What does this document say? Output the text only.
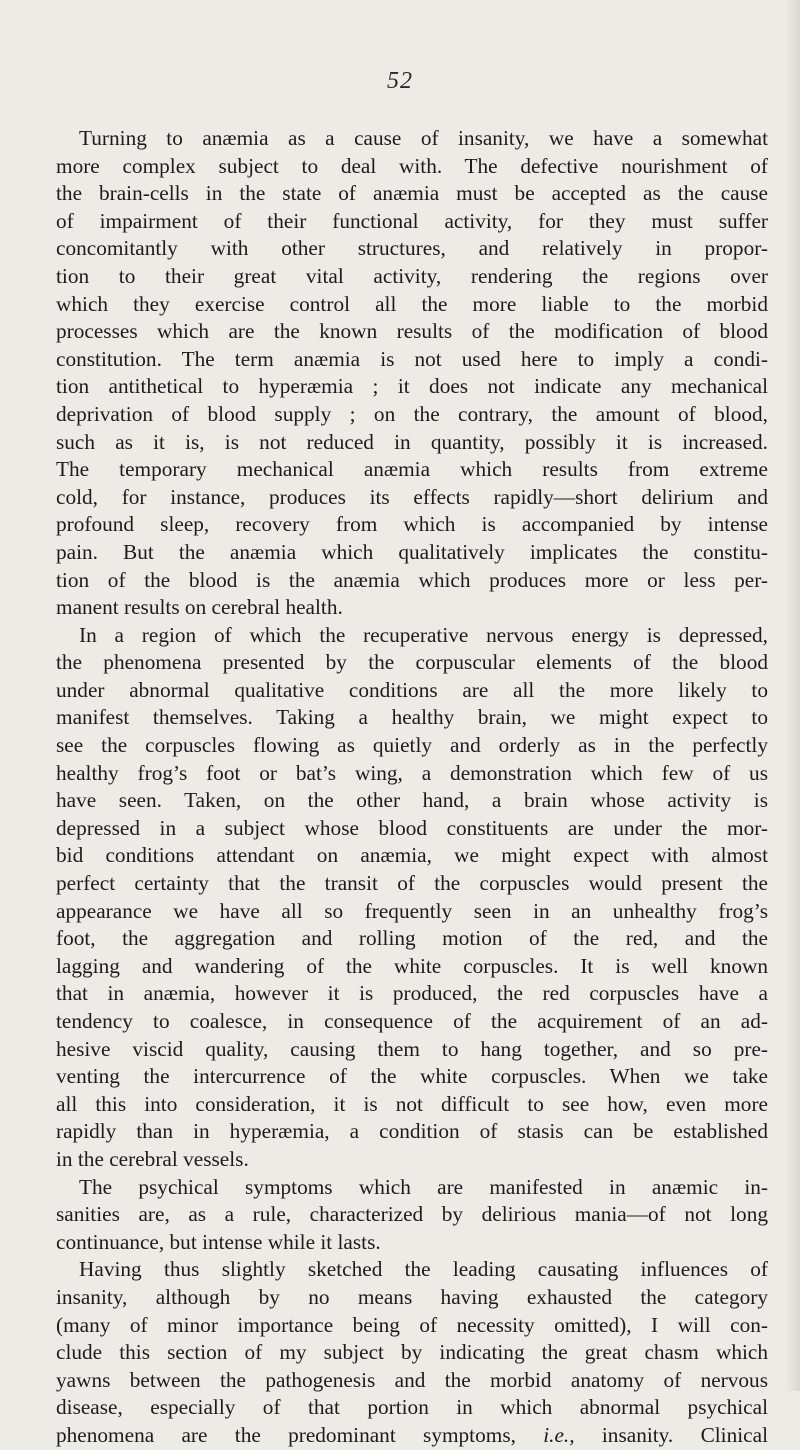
52
Turning to anæmia as a cause of insanity, we have a somewhat
more complex subject to deal with. The defective nourishment of
the brain-cells in the state of anæmia must be accepted as the cause
of impairment of their functional activity, for they must suffer
concomitantly with other structures, and relatively in propor-
tion to their great vital activity, rendering the regions over
which they exercise control all the more liable to the morbid
processes which are the known results of the modification of blood
constitution. The term anæmia is not used here to imply a condi-
tion antithetical to hyperæmia ; it does not indicate any mechanical
deprivation of blood supply ; on the contrary, the amount of blood,
such as it is, is not reduced in quantity, possibly it is increased.
The temporary mechanical anæmia which results from extreme
cold, for instance, produces its effects rapidly—short delirium and
profound sleep, recovery from which is accompanied by intense
pain. But the anæmia which qualitatively implicates the constitu-
tion of the blood is the anæmia which produces more or less per-
manent results on cerebral health.
In a region of which the recuperative nervous energy is depressed,
the phenomena presented by the corpuscular elements of the blood
under abnormal qualitative conditions are all the more likely to
manifest themselves. Taking a healthy brain, we might expect to
see the corpuscles flowing as quietly and orderly as in the perfectly
healthy frog’s foot or bat’s wing, a demonstration which few of us
have seen. Taken, on the other hand, a brain whose activity is
depressed in a subject whose blood constituents are under the mor-
bid conditions attendant on anæmia, we might expect with almost
perfect certainty that the transit of the corpuscles would present the
appearance we have all so frequently seen in an unhealthy frog’s
foot, the aggregation and rolling motion of the red, and the
lagging and wandering of the white corpuscles. It is well known
that in anæmia, however it is produced, the red corpuscles have a
tendency to coalesce, in consequence of the acquirement of an ad-
hesive viscid quality, causing them to hang together, and so pre-
venting the intercurrence of the white corpuscles. When we take
all this into consideration, it is not difficult to see how, even more
rapidly than in hyperæmia, a condition of stasis can be established
in the cerebral vessels.
The psychical symptoms which are manifested in anæmic in-
sanities are, as a rule, characterized by delirious mania—of not long
continuance, but intense while it lasts.
Having thus slightly sketched the leading causating influences of
insanity, although by no means having exhausted the category
(many of minor importance being of necessity omitted), I will con-
clude this section of my subject by indicating the great chasm which
yawns between the pathogenesis and the morbid anatomy of nervous
disease, especially of that portion in which abnormal psychical
phenomena are the predominant symptoms, i.e., insanity. Clinical
